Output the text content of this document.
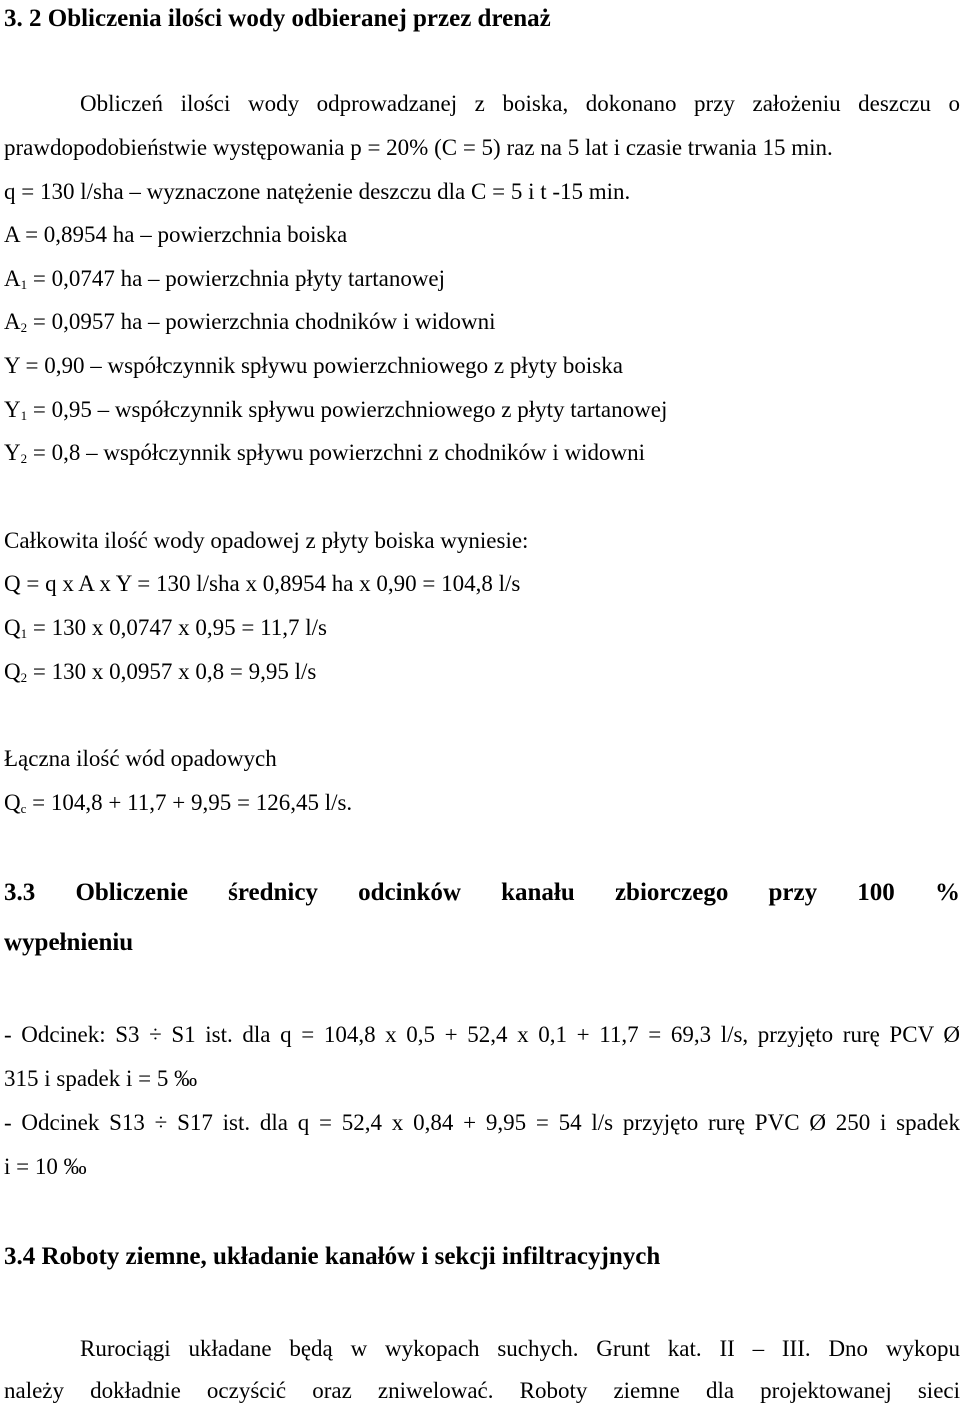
3. 2 Obliczenia ilości wody odbieranej przez drenaż
Obliczeń ilości wody odprowadzanej z boiska, dokonano przy założeniu deszczu o
prawdopodobieństwie występowania p = 20% (C = 5) raz na 5 lat i czasie trwania 15 min.
q = 130 l/sha – wyznaczone natężenie deszczu dla C = 5 i t -15 min.
A = 0,8954 ha – powierzchnia boiska
$A_1 = 0,0747$ ha – powierzchnia płyty tartanowej
$A_2 = 0,0957$ ha – powierzchnia chodników i widowni
Y = 0,90 – współczynnik spływu powierzchniowego z płyty boiska
$Y_1 = 0,95$ – współczynnik spływu powierzchniowego z płyty tartanowej
$Y_2 = 0,8$ – współczynnik spływu powierzchni z chodników i widowni
Całkowita ilość wody opadowej z płyty boiska wyniesie:
Q = q x A x Y = 130 l/sha x 0,8954 ha x 0,90 = 104,8 l/s
$Q_1 = 130$ x 0,0747 x 0,95 = 11,7 l/s
$Q_2 = 130$ x 0,0957 x 0,8 = 9,95 l/s
Łączna ilość wód opadowych
$Q_c = 104,8 + 11,7 + 9,95 = 126,45$ l/s.
3.3 Obliczenie średnicy odcinków kanału zbiorczego przy 100 %
wypełnieniu
- Odcinek: S3 ÷ S1 ist. dla q = 104,8 x 0,5 + 52,4 x 0,1 + 11,7 = 69,3 l/s, przyjęto rurę PCV Ø
315 i spadek i = 5 ‰
- Odcinek S13 ÷ S17 ist. dla q = 52,4 x 0,84 + 9,95 = 54 l/s przyjęto rurę PVC Ø 250 i spadek
i = 10 ‰
3.4 Roboty ziemne, układanie kanałów i sekcji infiltracyjnych
Rurociągi układane będą w wykopach suchych. Grunt kat. II – III. Dno wykopu
należy dokładnie oczyścić oraz zniwelować. Roboty ziemne dla projektowanej sieci
